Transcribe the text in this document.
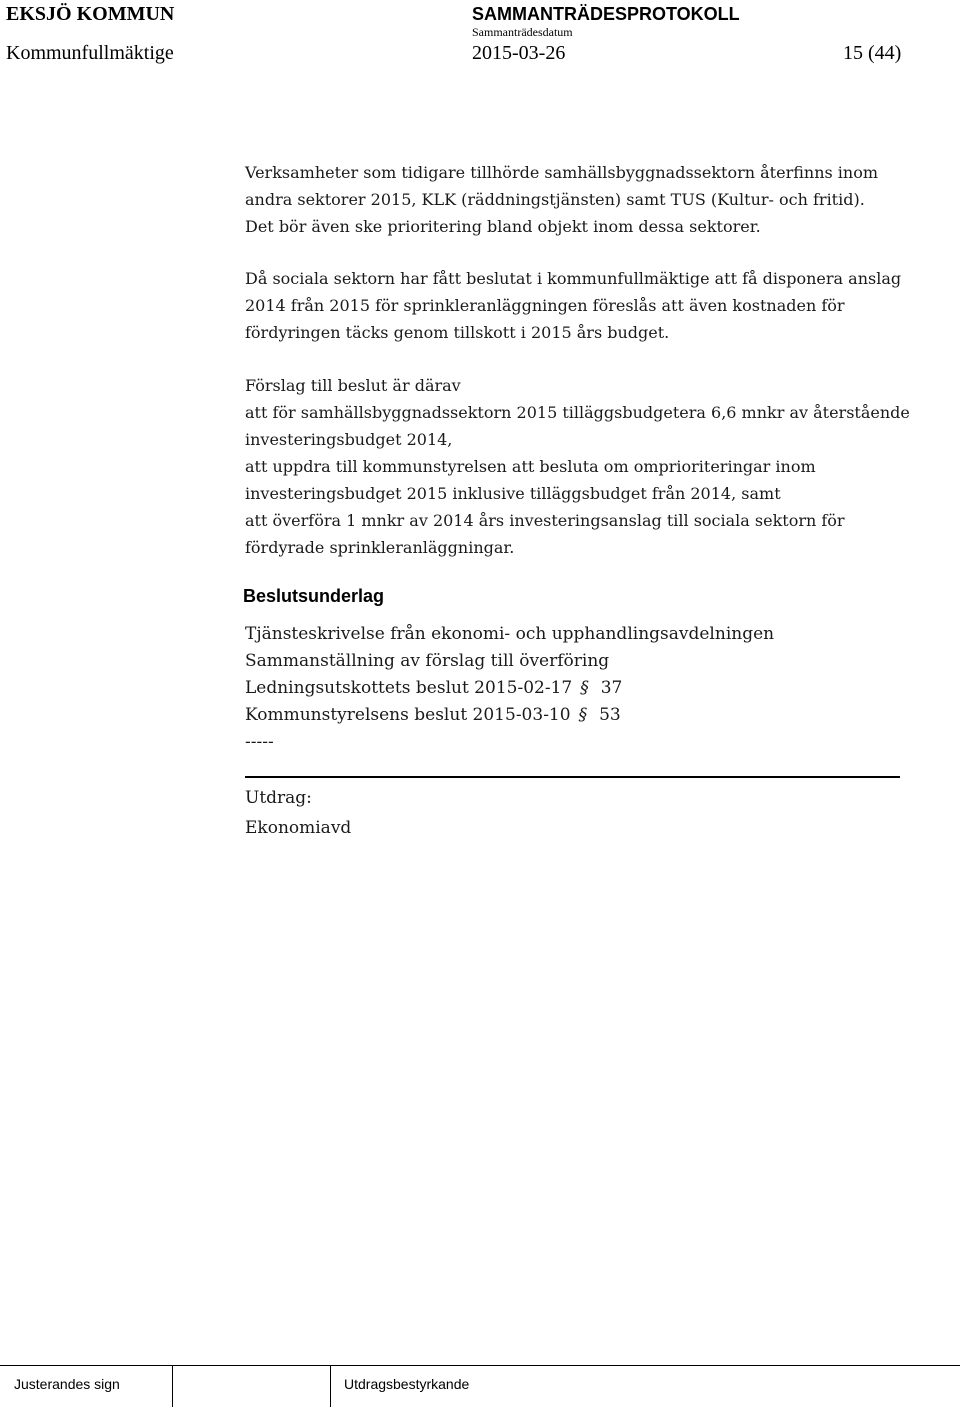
EKSJÖ KOMMUN	SAMMANTRÄDESPROTOKOLL
Sammanträdesdatum
Kommunfullmäktige	2015-03-26	15 (44)
Verksamheter som tidigare tillhörde samhällsbyggnadssektorn återfinns inom
andra sektorer 2015, KLK (räddningstjänsten) samt TUS (Kultur- och fritid).
Det bör även ske prioritering bland objekt inom dessa sektorer.
Då sociala sektorn har fått beslutat i kommunfullmäktige att få disponera anslag
2014 från 2015 för sprinkleranläggningen föreslås att även kostnaden för
fördyringen täcks genom tillskott i 2015 års budget.
Förslag till beslut är därav
att för samhällsbyggnadssektorn 2015 tilläggsbudgetera 6,6 mnkr av återstående
investeringsbudget 2014,
att uppdra till kommunstyrelsen att besluta om omprioriteringar inom
investeringsbudget 2015 inklusive tilläggsbudget från 2014, samt
att överföra 1 mnkr av 2014 års investeringsanslag till sociala sektorn för
fördyrade sprinkleranläggningar.
Beslutsunderlag
Tjänsteskrivelse från ekonomi- och upphandlingsavdelningen
Sammanställning av förslag till överföring
Ledningsutskottets beslut 2015-02-17 § 37
Kommunstyrelsens beslut 2015-03-10 § 53
-----
Utdrag:
Ekonomiavd
Justerandes sign	Utdragsbestyrkande
